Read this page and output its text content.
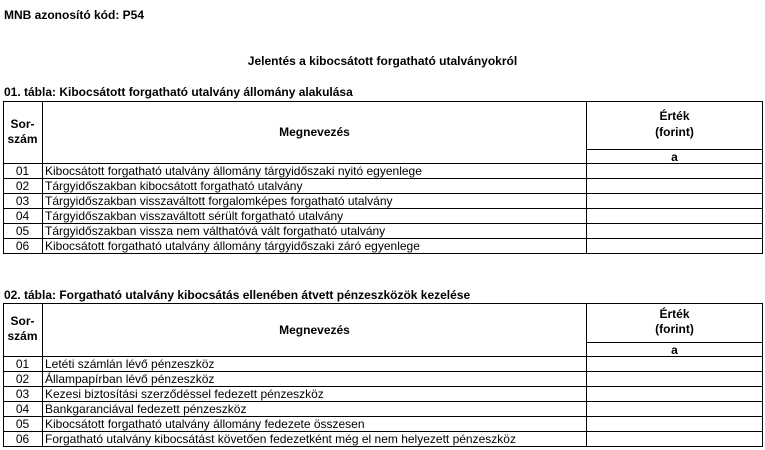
MNB azonosító kód: P54
Jelentés a kibocsátott forgatható utalványokról
01. tábla: Kibocsátott forgatható utalvány állomány alakulása
Sor-
szám	Megnevezés
Érték
(forint)
a
01	Kibocsátott forgatható utalvány állomány tárgyidőszaki nyitó egyenlege
02	Tárgyidőszakban kibocsátott forgatható utalvány
03	Tárgyidőszakban visszaváltott forgalomképes forgatható utalvány
04	Tárgyidőszakban visszaváltott sérült forgatható utalvány
05	Tárgyidőszakban vissza nem válthatóvá vált forgatható utalvány
06	Kibocsátott forgatható utalvány állomány tárgyidőszaki záró egyenlege
02. tábla: Forgatható utalvány kibocsátás ellenében átvett pénzeszközök kezelése
Sor-
szám	Megnevezés
Érték
(forint)
a
01	Letéti számlán lévő pénzeszköz
02	Állampapírban lévő pénzeszköz
03	Kezesi biztosítási szerződéssel fedezett pénzeszköz
04	Bankgaranciával fedezett pénzeszköz
05	Kibocsátott forgatható utalvány állomány fedezete összesen
06	Forgatható utalvány kibocsátást követően fedezetként még el nem helyezett pénzeszköz
